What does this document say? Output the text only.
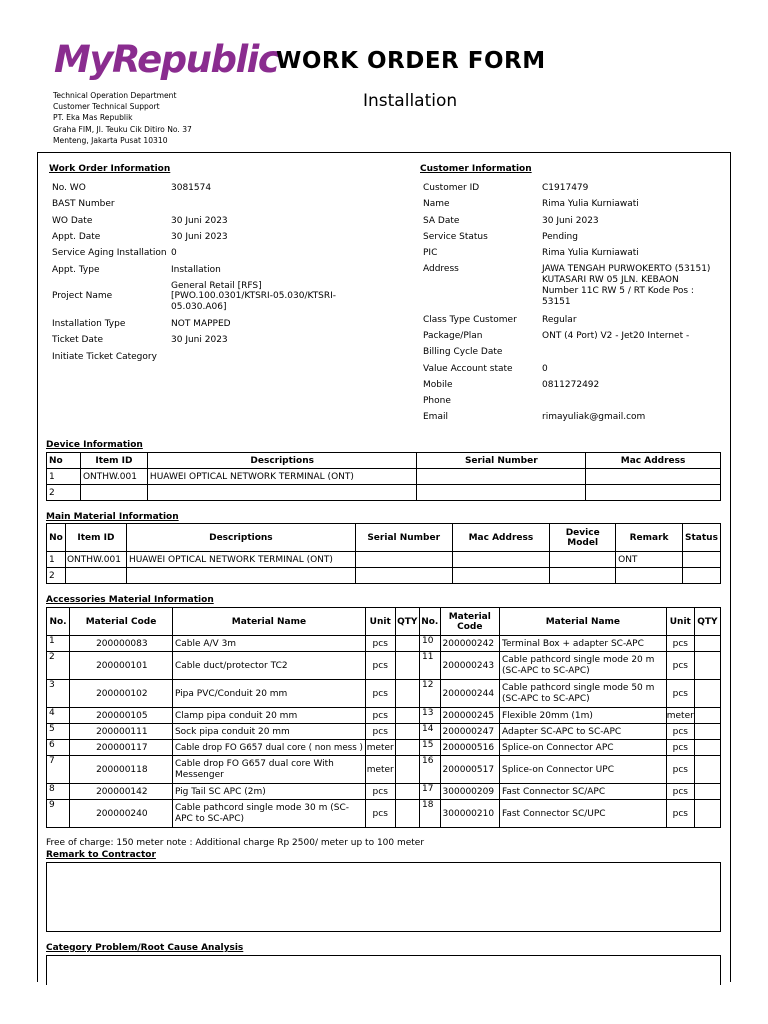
MyRepublic
WORK ORDER FORM
Installation
Technical Operation Department
Customer Technical Support
PT. Eka Mas Republik
Graha FIM, Jl. Teuku Cik Ditiro No. 37
Menteng, Jakarta Pusat 10310
Work Order Information
No. WO	3081574
BAST Number
WO Date	30 Juni 2023
Appt. Date	30 Juni 2023
Service Aging Installation 0
Appt. Type	Installation
Project Name
General Retail [RFS] [PWO.100.0301/KTSRI-05.030/KTSRI-05.030.A06]
Installation Type	NOT MAPPED
Ticket Date	30 Juni 2023
Initiate Ticket Category
Customer Information
Customer ID	C1917479
Name	Rima Yulia Kurniawati
SA Date	30 Juni 2023
Service Status	Pending
PIC	Rima Yulia Kurniawati
Address	JAWA TENGAH PURWOKERTO (53151) KUTASARI RW 05 JLN. KEBAON Number 11C RW 5 / RT Kode Pos : 53151
Class Type Customer	Regular
Package/Plan	ONT (4 Port) V2 - Jet20 Internet -
Billing Cycle Date
Value Account state	0
Mobile	0811272492
Phone
Email	rimayuliak@gmail.com
Device Information
No	Item ID	Descriptions	Serial Number	Mac Address
1	ONTHW.001	HUAWEI OPTICAL NETWORK TERMINAL (ONT)		
2				
Main Material Information
No	Item ID	Descriptions	Serial Number	Mac Address	Device Model	Remark	Status
1	ONTHW.001	HUAWEI OPTICAL NETWORK TERMINAL (ONT)				ONT	
2							
Accessories Material Information
No.	Material Code	Material Name	Unit	QTY	No.	Material Code	Material Name	Unit	QTY
1	200000083	Cable A/V 3m	pcs		10	200000242	Terminal Box + adapter SC-APC	pcs	
2	200000101	Cable duct/protector TC2	pcs		11	200000243	Cable pathcord single mode 20 m (SC-APC to SC-APC)	pcs	
3	200000102	Pipa PVC/Conduit 20 mm	pcs		12	200000244	Cable pathcord single mode 50 m (SC-APC to SC-APC)	pcs	
4	200000105	Clamp pipa conduit 20 mm	pcs		13	200000245	Flexible 20mm (1m)	meter	
5	200000111	Sock pipa conduit 20 mm	pcs		14	200000247	Adapter SC-APC to SC-APC	pcs	
6	200000117	Cable drop FO G657 dual core ( non mess )	meter		15	200000516	Splice-on Connector APC	pcs	
7	200000118	Cable drop FO G657 dual core With Messenger	meter		16	200000517	Splice-on Connector UPC	pcs	
8	200000142	Pig Tail SC APC (2m)	pcs		17	300000209	Fast Connector SC/APC	pcs	
9	200000240	Cable pathcord single mode 30 m (SC-APC to SC-APC)	pcs		18	300000210	Fast Connector SC/UPC	pcs	
Free of charge: 150 meter note : Additional charge Rp 2500/ meter up to 100 meter
Remark to Contractor
Category Problem/Root Cause Analysis
